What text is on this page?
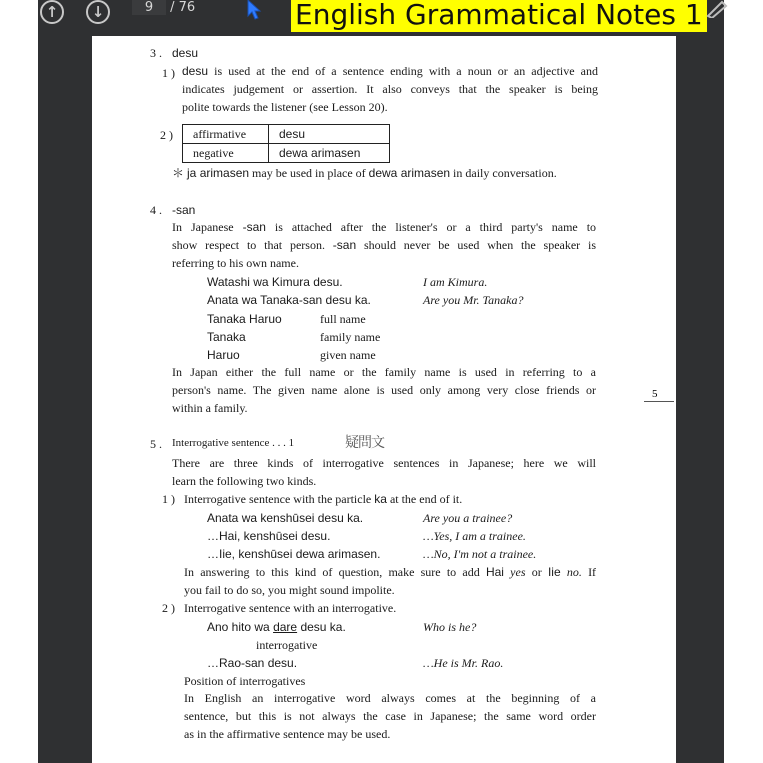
↑	↓	9 / 76	English Grammatical Notes 1
3 . desu
1 ) desu is used at the end of a sentence ending with a noun or an adjective and
indicates judgement or assertion. It also conveys that the speaker is being
polite towards the listener (see Lesson 20).
2 ) affirmative	desu
negative	dewa arimasen
＊ ja arimasen may be used in place of dewa arimasen in daily conversation.
4 . -san
In Japanese -san is attached after the listener's or a third party's name to
show respect to that person. -san should never be used when the speaker is
referring to his own name.
Watashi wa Kimura desu.	I am Kimura.
Anata wa Tanaka-san desu ka.	Are you Mr. Tanaka?
Tanaka Haruo	full name
Tanaka	family name
Haruo	given name
In Japan either the full name or the family name is used in referring to a
person's name. The given name alone is used only among very close friends or
within a family.
5 . Interrogative sentence . . . 1
There are three kinds of interrogative sentences in Japanese; here we will
learn the following two kinds.
1 ) Interrogative sentence with the particle ka at the end of it.
Anata wa kenshūsei desu ka.	Are you a trainee?
…Hai, kenshūsei desu.	…Yes, I am a trainee.
…Iie, kenshūsei dewa arimasen.	…No, I'm not a trainee.
In answering to this kind of question, make sure to add Hai yes or Iie no. If
you fail to do so, you might sound impolite.
2 ) Interrogative sentence with an interrogative.
Ano hito wa dare desu ka.	Who is he?
interrogative
…Rao-san desu.	…He is Mr. Rao.
Position of interrogatives
In English an interrogative word always comes at the beginning of a
sentence, but this is not always the case in Japanese; the same word order
as in the affirmative sentence may be used.
疑問文
5
